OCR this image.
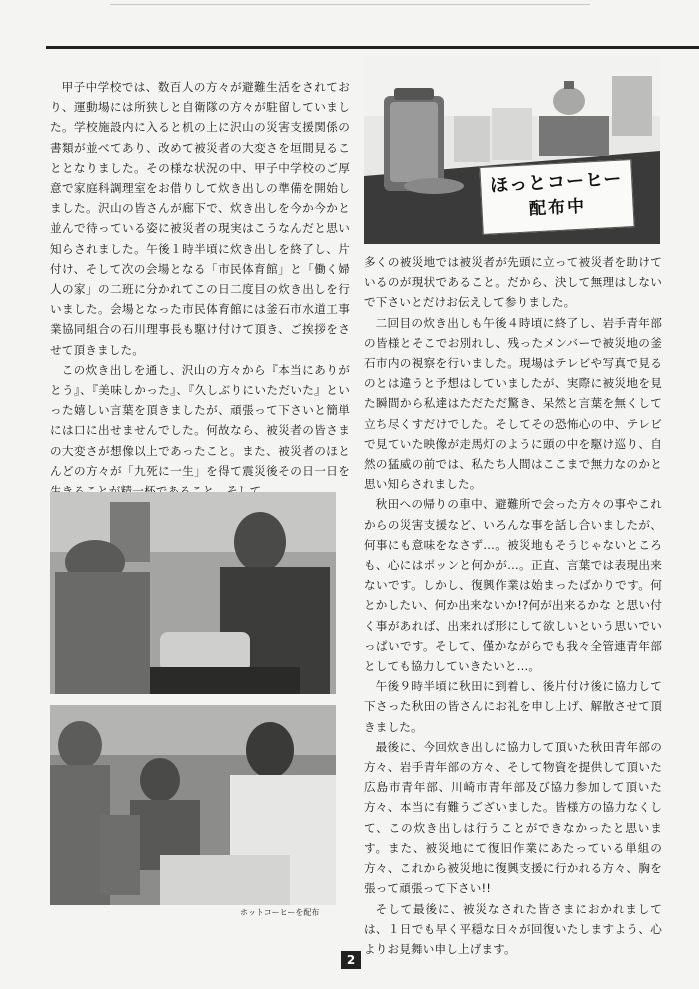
甲子中学校では、数百人の方々が避難生活をされており、運動場には所狭しと自衛隊の方々が駐留していました。学校施設内に入ると机の上に沢山の災害支援関係の書類が並べてあり、改めて被災者の大変さを垣間見ることとなりました。その様な状況の中、甲子中学校のご厚意で家庭科調理室をお借りして炊き出しの準備を開始しました。沢山の皆さんが廊下で、炊き出しを今か今かと並んで待っている姿に被災者の現実はこうなんだと思い知らされました。午後１時半頃に炊き出しを終了し、片付け、そして次の会場となる「市民体育館」と「働く婦人の家」の二班に分かれてこの日二度目の炊き出しを行いました。会場となった市民体育館には釜石市水道工事業協同組合の石川理事長も駆け付けて頂き、ご挨拶をさせて頂きました。

この炊き出しを通し、沢山の方々から『本当にありがとう』、『美味しかった』、『久しぶりにいただいた』といった嬉しい言葉を頂きましたが、頑張って下さいと簡単には口に出せませんでした。何故なら、被災者の皆さまの大変さが想像以上であったこと。また、被災者のほとんどの方々が「九死に一生」を得て震災後その日一日を

ほっとコーヒー
配布中

多くの被災地では被災者が先頭に立って被災者を助けているのが現状であること。だから、決して無理はしないで下さいとだけお伝えして参りました。

二回目の炊き出しも午後４時頃に終了し、岩手青年部の皆様とそこでお別れし、残ったメンバーで被災地の釜石市内の視察を行いました。現場はテレビや写真で見るのとは違うと予想はしていましたが、実際に被災地を見た瞬間から私達はただただ驚き、呆然と言葉を無くして立ち尽くすだけでした。そしてその恐怖心の中、テレビで見ていた映像が走馬灯のように頭の中を駆け巡り、自然の猛威の前では、私たち人間はここまで無力なのかと思い知らされました。

秋田への帰りの車中、避難所で会った方々の事やこれからの災害支援など、いろんな事を話し合いましたが、何事にも意味をなさず…。被災地もそうじゃないところも、心にはポッンと何かが…。正直、言葉では表現出来ないです。しかし、復興作業は始まったばかりです。何とかしたい、何か出来ないか!?何が出来るかな と思い付く事があれば、出来れば形にして欲しいという思いでいっぱいです。そして、僅かながらでも我々全管連青年部としても協力していきたいと…。

午後９時半頃に秋田に到着し、後片付け後に協力して下さった秋田の皆さんにお礼を申し上げ、解散させて頂きました。

最後に、今回炊き出しに協力して頂いた秋田青年部の方々、岩手青年部の方々、そして物資を提供して頂いた広島市青年部、川崎市青年部及び協力参加して頂いた方々、本当に有難うございました。皆様方の協力なくして、この炊き出しは行うことができなかったと思います。また、被災地にて復旧作業にあたっている単組の方々、これから被災地に復興支援に行かれる方々、胸を張って頑張って下さい!!

そして最後に、被災なされた皆さまにおかれましては、１日でも早く平穏な日々が回復いたしますよう、心よりお見舞い申し上げます。

ホットコーヒーを配布
2
